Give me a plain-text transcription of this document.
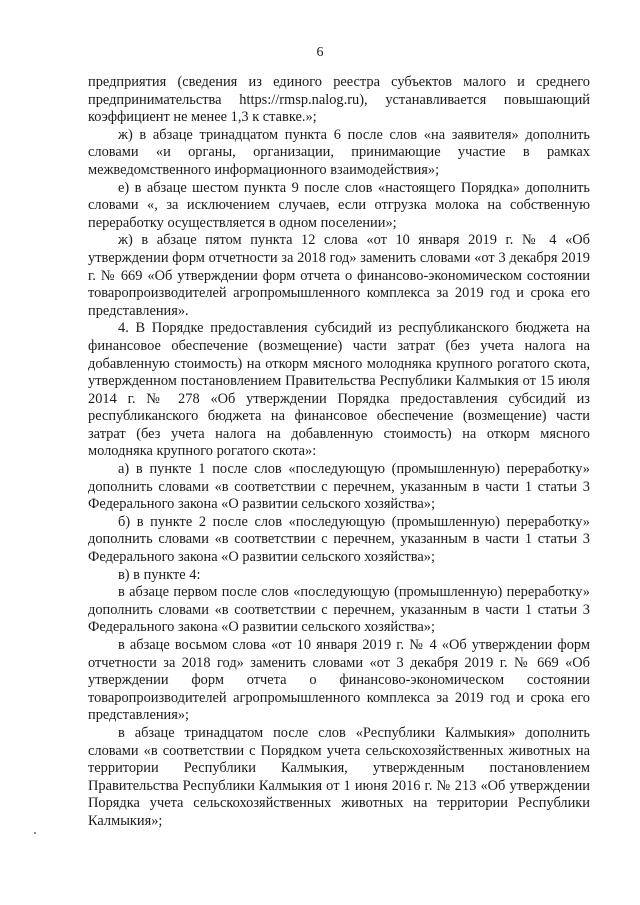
6

предприятия (сведения из единого реестра субъектов малого и среднего предпринимательства https://rmsp.nalog.ru), устанавливается повышающий коэффициент не менее 1,3 к ставке.»;

ж) в абзаце тринадцатом пункта 6 после слов «на заявителя» дополнить словами «и органы, организации, принимающие участие в рамках межведомственного информационного взаимодействия»;

е) в абзаце шестом пункта 9 после слов «настоящего Порядка» дополнить словами «, за исключением случаев, если отгрузка молока на собственную переработку осуществляется в одном поселении»;

ж) в абзаце пятом пункта 12 слова «от 10 января 2019 г. № 4 «Об утверждении форм отчетности за 2018 год» заменить словами «от 3 декабря 2019 г. № 669 «Об утверждении форм отчета о финансово-экономическом состоянии товаропроизводителей агропромышленного комплекса за 2019 год и срока его представления».

4. В Порядке предоставления субсидий из республиканского бюджета на финансовое обеспечение (возмещение) части затрат (без учета налога на добавленную стоимость) на откорм мясного молодняка крупного рогатого скота, утвержденном постановлением Правительства Республики Калмыкия от 15 июля 2014 г. № 278 «Об утверждении Порядка предоставления субсидий из республиканского бюджета на финансовое обеспечение (возмещение) части затрат (без учета налога на добавленную стоимость) на откорм мясного молодняка крупного рогатого скота»:

а) в пункте 1 после слов «последующую (промышленную) переработку» дополнить словами «в соответствии с перечнем, указанным в части 1 статьи 3 Федерального закона «О развитии сельского хозяйства»;

б) в пункте 2 после слов «последующую (промышленную) переработку» дополнить словами «в соответствии с перечнем, указанным в части 1 статьи 3 Федерального закона «О развитии сельского хозяйства»;

в) в пункте 4:

в абзаце первом после слов «последующую (промышленную) переработку» дополнить словами «в соответствии с перечнем, указанным в части 1 статьи 3 Федерального закона «О развитии сельского хозяйства»;

в абзаце восьмом слова «от 10 января 2019 г. № 4 «Об утверждении форм отчетности за 2018 год» заменить словами «от 3 декабря 2019 г. № 669 «Об утверждении форм отчета о финансово-экономическом состоянии товаропроизводителей агропромышленного комплекса за 2019 год и срока его представления»;

в абзаце тринадцатом после слов «Республики Калмыкия» дополнить словами «в соответствии с Порядком учета сельскохозяйственных животных на территории Республики Калмыкия, утвержденным постановлением Правительства Республики Калмыкия от 1 июня 2016 г. № 213 «Об утверждении Порядка учета сельскохозяйственных животных на территории Республики Калмыкия»;
